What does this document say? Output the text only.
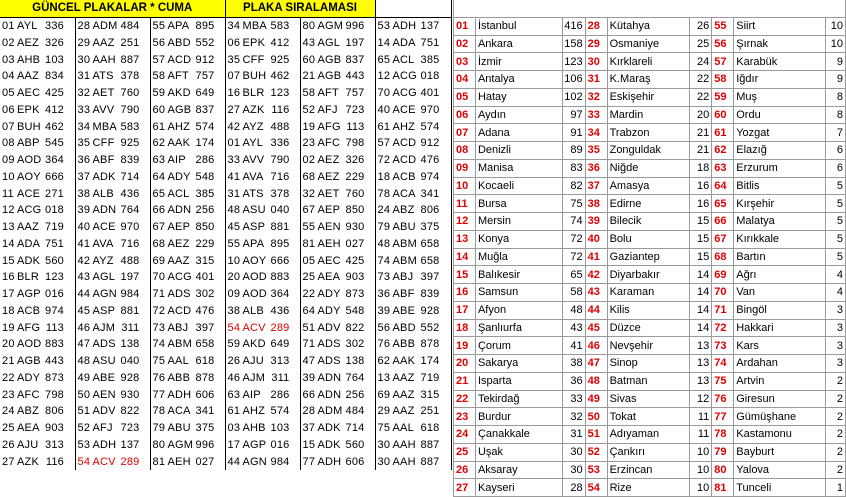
GÜNCEL PLAKALAR * CUMA			PLAKA SIRALAMASI		
01 AYL 336	28 ADM 484	55 APA 895	34 MBA 583	80 AGM 996	53 ADH 137
02 AEZ 326	29 AAZ 251	56 ABD 552	06 EPK 412	43 AGL 197	14 ADA 751
03 AHB 103	30 AAH 887	57 ACD 912	35 CFF 925	60 AGB 837	65 ACL 385
04 AAZ 834	31 ATS 378	58 AFT 757	07 BUH 462	21 AGB 443	12 ACG 018
05 AEC 425	32 AET 760	59 AKD 649	16 BLR 123	58 AFT 757	70 ACG 401
06 EPK 412	33 AVV 790	60 AGB 837	27 AZK 116	52 AFJ 723	40 ACE 970
07 BUH 462	34 MBA 583	61 AHZ 574	42 AYZ 488	19 AFG 113	61 AHZ 574
08 ABP 545	35 CFF 925	62 AAK 174	01 AYL 336	23 AFC 798	57 ACD 912
09 AOD 364	36 ABF 839	63 AIP 286	33 AVV 790	02 AEZ 326	72 ACD 476
10 AOY 666	37 ADK 714	64 ADY 548	41 AVA 716	68 AEZ 229	18 ACB 974
11 ACE 271	38 ALB 436	65 ACL 385	31 ATS 378	32 AET 760	78 ACA 341
12 ACG 018	39 ADN 764	66 ADN 256	48 ASU 040	67 AEP 850	24 ABZ 806
13 AAZ 719	40 ACE 970	67 AEP 850	45 ASP 881	55 AEN 930	79 ABU 375
14 ADA 751	41 AVA 716	68 AEZ 229	55 APA 895	81 AEH 027	48 ABM 658
15 ADK 560	42 AYZ 488	69 AAZ 315	10 AOY 666	05 AEC 425	74 ABM 658
16 BLR 123	43 AGL 197	70 ACG 401	20 AOD 883	25 AEA 903	73 ABJ 397
17 AGP 016	44 AGN 984	71 ADS 302	09 AOD 364	22 ADY 873	36 ABF 839
18 ACB 974	45 ASP 881	72 ACD 476	38 ALB 436	64 ADY 548	39 ABE 928
19 AFG 113	46 AJM 311	73 ABJ 397	54 ACV 289	51 ADV 822	56 ABD 552
20 AOD 883	47 ADS 138	74 ABM 658	59 AKD 649	71 ADS 302	76 ABB 878
21 AGB 443	48 ASU 040	75 AAL 618	26 AJU 313	47 ADS 138	62 AAK 174
22 ADY 873	49 ABE 928	76 ABB 878	46 AJM 311	39 ADN 764	13 AAZ 719
23 AFC 798	50 AEN 930	77 ADH 606	63 AIP 286	66 ADN 256	69 AAZ 315
24 ABZ 806	51 ADV 822	78 ACA 341	61 AHZ 574	28 ADM 484	29 AAZ 251
25 AEA 903	52 AFJ 723	79 ABU 375	03 AHB 103	37 ADK 714	75 AAL 618
26 AJU 313	53 ADH 137	80 AGM 996	17 AGP 016	15 ADK 560	30 AAH 887
27 AZK 116	54 ACV 289	81 AEH 027	44 AGN 984	77 ADH 606	30 AAH 887

01	İstanbul	416	28	Kütahya	26	55	Siirt	10
02	Ankara	158	29	Osmaniye	25	56	Şırnak	10
03	İzmir	123	30	Kırklareli	24	57	Karabük	9
04	Antalya	106	31	K.Maraş	22	58	Iğdır	9
05	Hatay	102	32	Eskişehir	22	59	Muş	8
06	Aydın	97	33	Mardin	20	60	Ordu	8
07	Adana	91	34	Trabzon	21	61	Yozgat	7
08	Denizli	89	35	Zonguldak	21	62	Elazığ	6
09	Manisa	83	36	Niğde	18	63	Erzurum	6
10	Kocaeli	82	37	Amasya	16	64	Bitlis	5
11	Bursa	75	38	Edirne	16	65	Kırşehir	5
12	Mersin	74	39	Bilecik	15	66	Malatya	5
13	Konya	72	40	Bolu	15	67	Kırıkkale	5
14	Muğla	72	41	Gaziantep	15	68	Bartın	5
15	Balıkesir	65	42	Diyarbakır	14	69	Ağrı	4
16	Samsun	58	43	Karaman	14	70	Van	4
17	Afyon	48	44	Kilis	14	71	Bingöl	3
18	Şanlıurfa	43	45	Düzce	14	72	Hakkari	3
19	Çorum	41	46	Nevşehir	13	73	Kars	3
20	Sakarya	38	47	Sinop	13	74	Ardahan	3
21	Isparta	36	48	Batman	13	75	Artvin	2
22	Tekirdağ	33	49	Sivas	12	76	Giresun	2
23	Burdur	32	50	Tokat	11	77	Gümüşhane	2
24	Çanakkale	31	51	Adıyaman	11	78	Kastamonu	2
25	Uşak	30	52	Çankırı	10	79	Bayburt	2
26	Aksaray	30	53	Erzincan	10	80	Yalova	2
27	Kayseri	28	54	Rize	10	81	Tunceli	1
